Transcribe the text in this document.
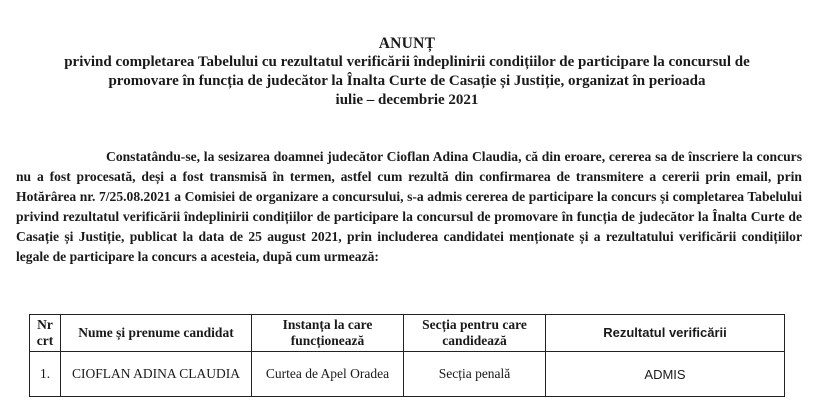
ANUNȚ
privind completarea Tabelului cu rezultatul verificării îndeplinirii condițiilor de participare la concursul de
promovare în funcția de judecător la Înalta Curte de Casație și Justiție, organizat în perioada
iulie – decembrie 2021
Constatându-se, la sesizarea doamnei judecător Cioflan Adina Claudia, că din eroare, cererea sa de înscriere la concurs nu a fost procesată, deși a fost transmisă în termen, astfel cum rezultă din confirmarea de transmitere a cererii prin email, prin Hotărârea nr. 7/25.08.2021 a Comisiei de organizare a concursului, s-a admis cererea de participare la concurs și completarea Tabelului privind rezultatul verificării îndeplinirii condițiilor de participare la concursul de promovare în funcția de judecător la Înalta Curte de Casație și Justiție, publicat la data de 25 august 2021, prin includerea candidatei menționate și a rezultatului verificării condițiilor legale de participare la concurs a acesteia, după cum urmează:
Nr crt	Nume și prenume candidat	Instanța la care funcționează	Secția pentru care candidează	Rezultatul verificării
1.	CIOFLAN ADINA CLAUDIA	Curtea de Apel Oradea	Secția penală	ADMIS
